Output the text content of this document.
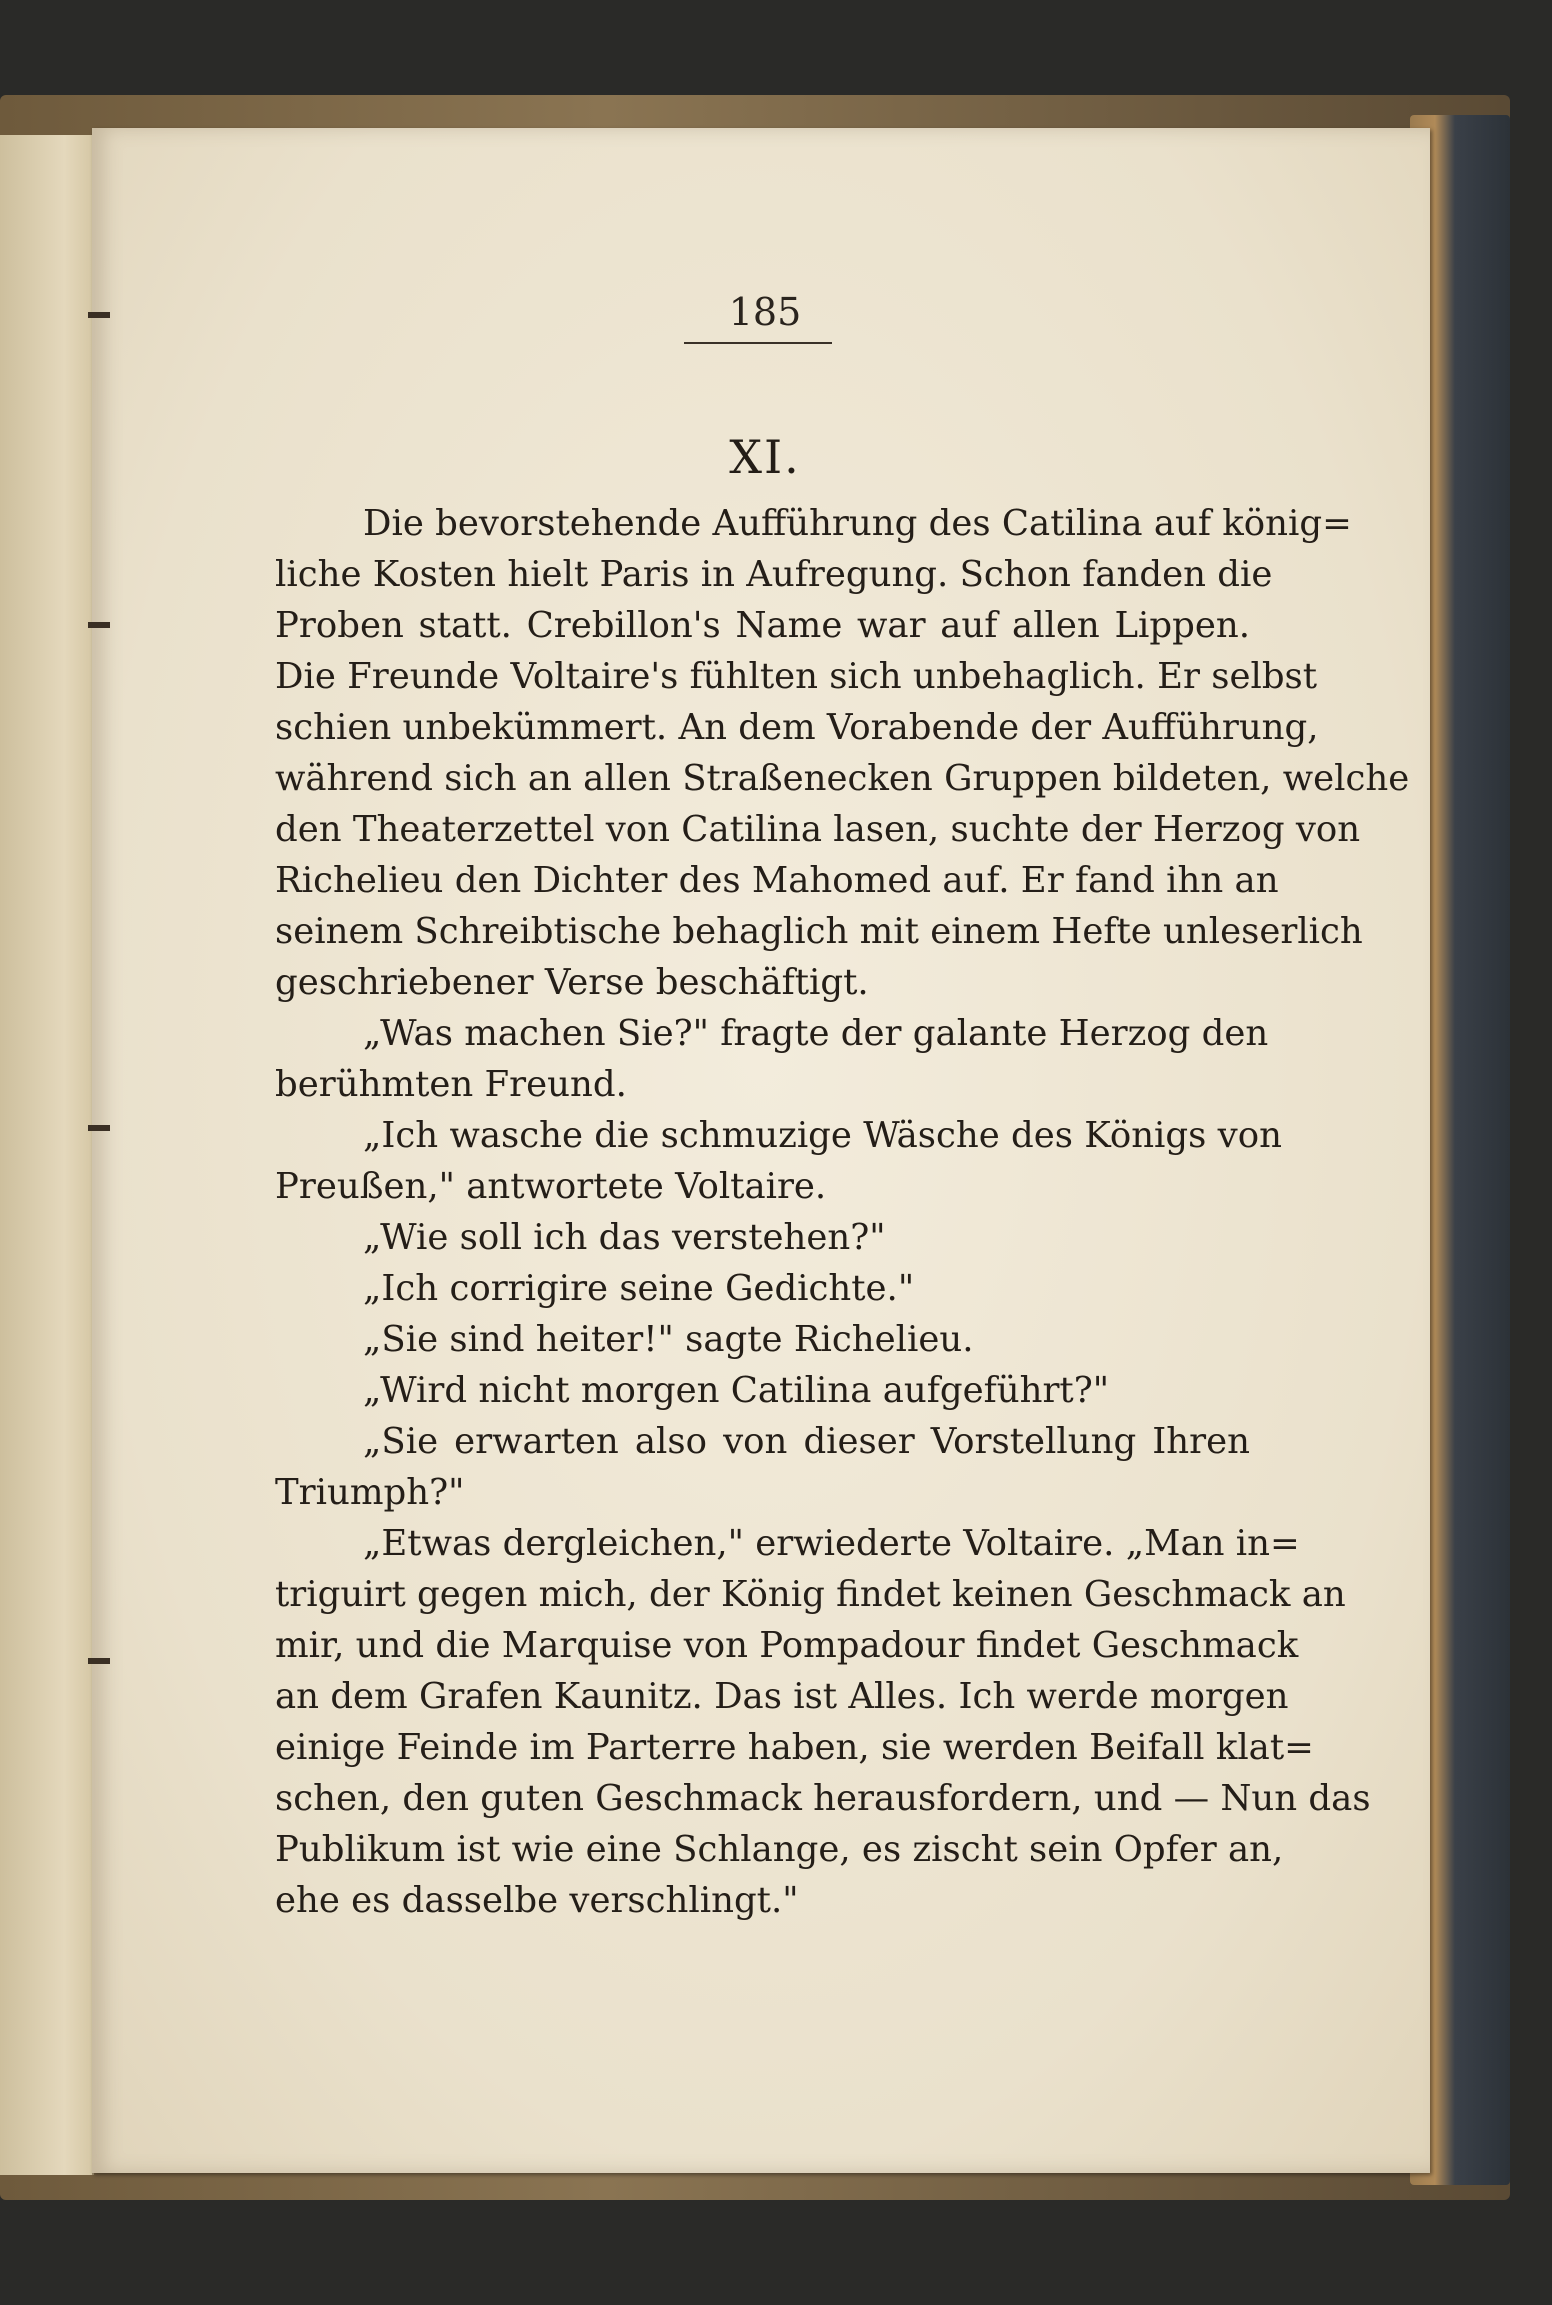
185
XI.
Die bevorstehende Aufführung des Catilina auf könig=
liche Kosten hielt Paris in Aufregung. Schon fanden die
Proben statt. Crebillon's Name war auf allen Lippen.
Die Freunde Voltaire's fühlten sich unbehaglich. Er selbst
schien unbekümmert. An dem Vorabende der Aufführung,
während sich an allen Straßenecken Gruppen bildeten, welche
den Theaterzettel von Catilina lasen, suchte der Herzog von
Richelieu den Dichter des Mahomed auf. Er fand ihn an
seinem Schreibtische behaglich mit einem Hefte unleserlich
geschriebener Verse beschäftigt.
„Was machen Sie?" fragte der galante Herzog den
berühmten Freund.
„Ich wasche die schmuzige Wäsche des Königs von
Preußen," antwortete Voltaire.
„Wie soll ich das verstehen?"
„Ich corrigire seine Gedichte."
„Sie sind heiter!" sagte Richelieu.
„Wird nicht morgen Catilina aufgeführt?"
„Sie erwarten also von dieser Vorstellung Ihren
Triumph?"
„Etwas dergleichen," erwiederte Voltaire. „Man in=
triguirt gegen mich, der König findet keinen Geschmack an
mir, und die Marquise von Pompadour findet Geschmack
an dem Grafen Kaunitz. Das ist Alles. Ich werde morgen
einige Feinde im Parterre haben, sie werden Beifall klat=
schen, den guten Geschmack herausfordern, und — Nun das
Publikum ist wie eine Schlange, es zischt sein Opfer an,
ehe es dasselbe verschlingt."
